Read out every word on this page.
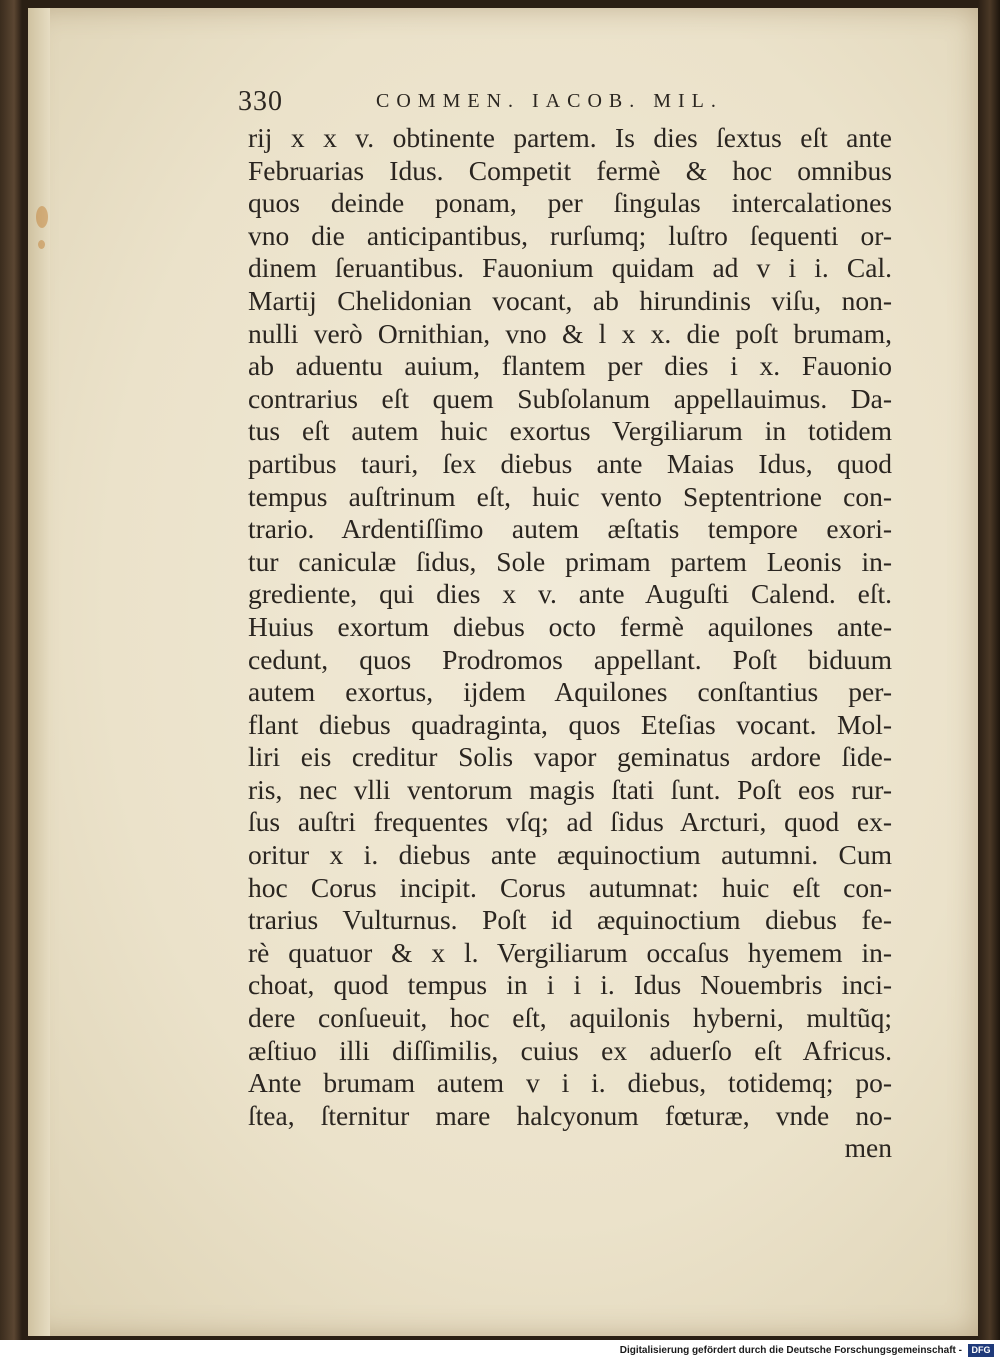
330	COMMEN. IACOB. MIL.
rij x x v. obtinente partem. Is dies ſextus eſt ante
Februarias Idus. Competit fermè & hoc omnibus
quos deinde ponam, per ſingulas intercalationes
vno die anticipantibus, rurſumq; luſtro ſequenti or-
dinem ſeruantibus. Fauonium quidam ad v i i. Cal.
Martij Chelidonian vocant, ab hirundinis viſu, non-
nulli verò Ornithian, vno & l x x. die poſt brumam,
ab aduentu auium, flantem per dies i x. Fauonio
contrarius eſt quem Subſolanum appellauimus. Da-
tus eſt autem huic exortus Vergiliarum in totidem
partibus tauri, ſex diebus ante Maias Idus, quod
tempus auſtrinum eſt, huic vento Septentrione con-
trario. Ardentiſſimo autem æſtatis tempore exori-
tur caniculæ ſidus, Sole primam partem Leonis in-
grediente, qui dies x v. ante Auguſti Calend. eſt.
Huius exortum diebus octo fermè aquilones ante-
cedunt, quos Prodromos appellant. Poſt biduum
autem exortus, ijdem Aquilones conſtantius per-
flant diebus quadraginta, quos Eteſias vocant. Mol-
liri eis creditur Solis vapor geminatus ardore ſide-
ris, nec vlli ventorum magis ſtati ſunt. Poſt eos rur-
ſus auſtri frequentes vſq; ad ſidus Arcturi, quod ex-
oritur x i. diebus ante æquinoctium autumni. Cum
hoc Corus incipit. Corus autumnat: huic eſt con-
trarius Vulturnus. Poſt id æquinoctium diebus fe-
rè quatuor & x l. Vergiliarum occaſus hyemem in-
choat, quod tempus in i i i. Idus Nouembris inci-
dere conſueuit, hoc eſt, aquilonis hyberni, multũq;
æſtiuo illi diſſimilis, cuius ex aduerſo eſt Africus.
Ante brumam autem v i i. diebus, totidemq; po-
ſtea, ſternitur mare halcyonum fœturæ, vnde no-
men
Digitalisierung gefördert durch die Deutsche Forschungsgemeinschaft -	DFG
